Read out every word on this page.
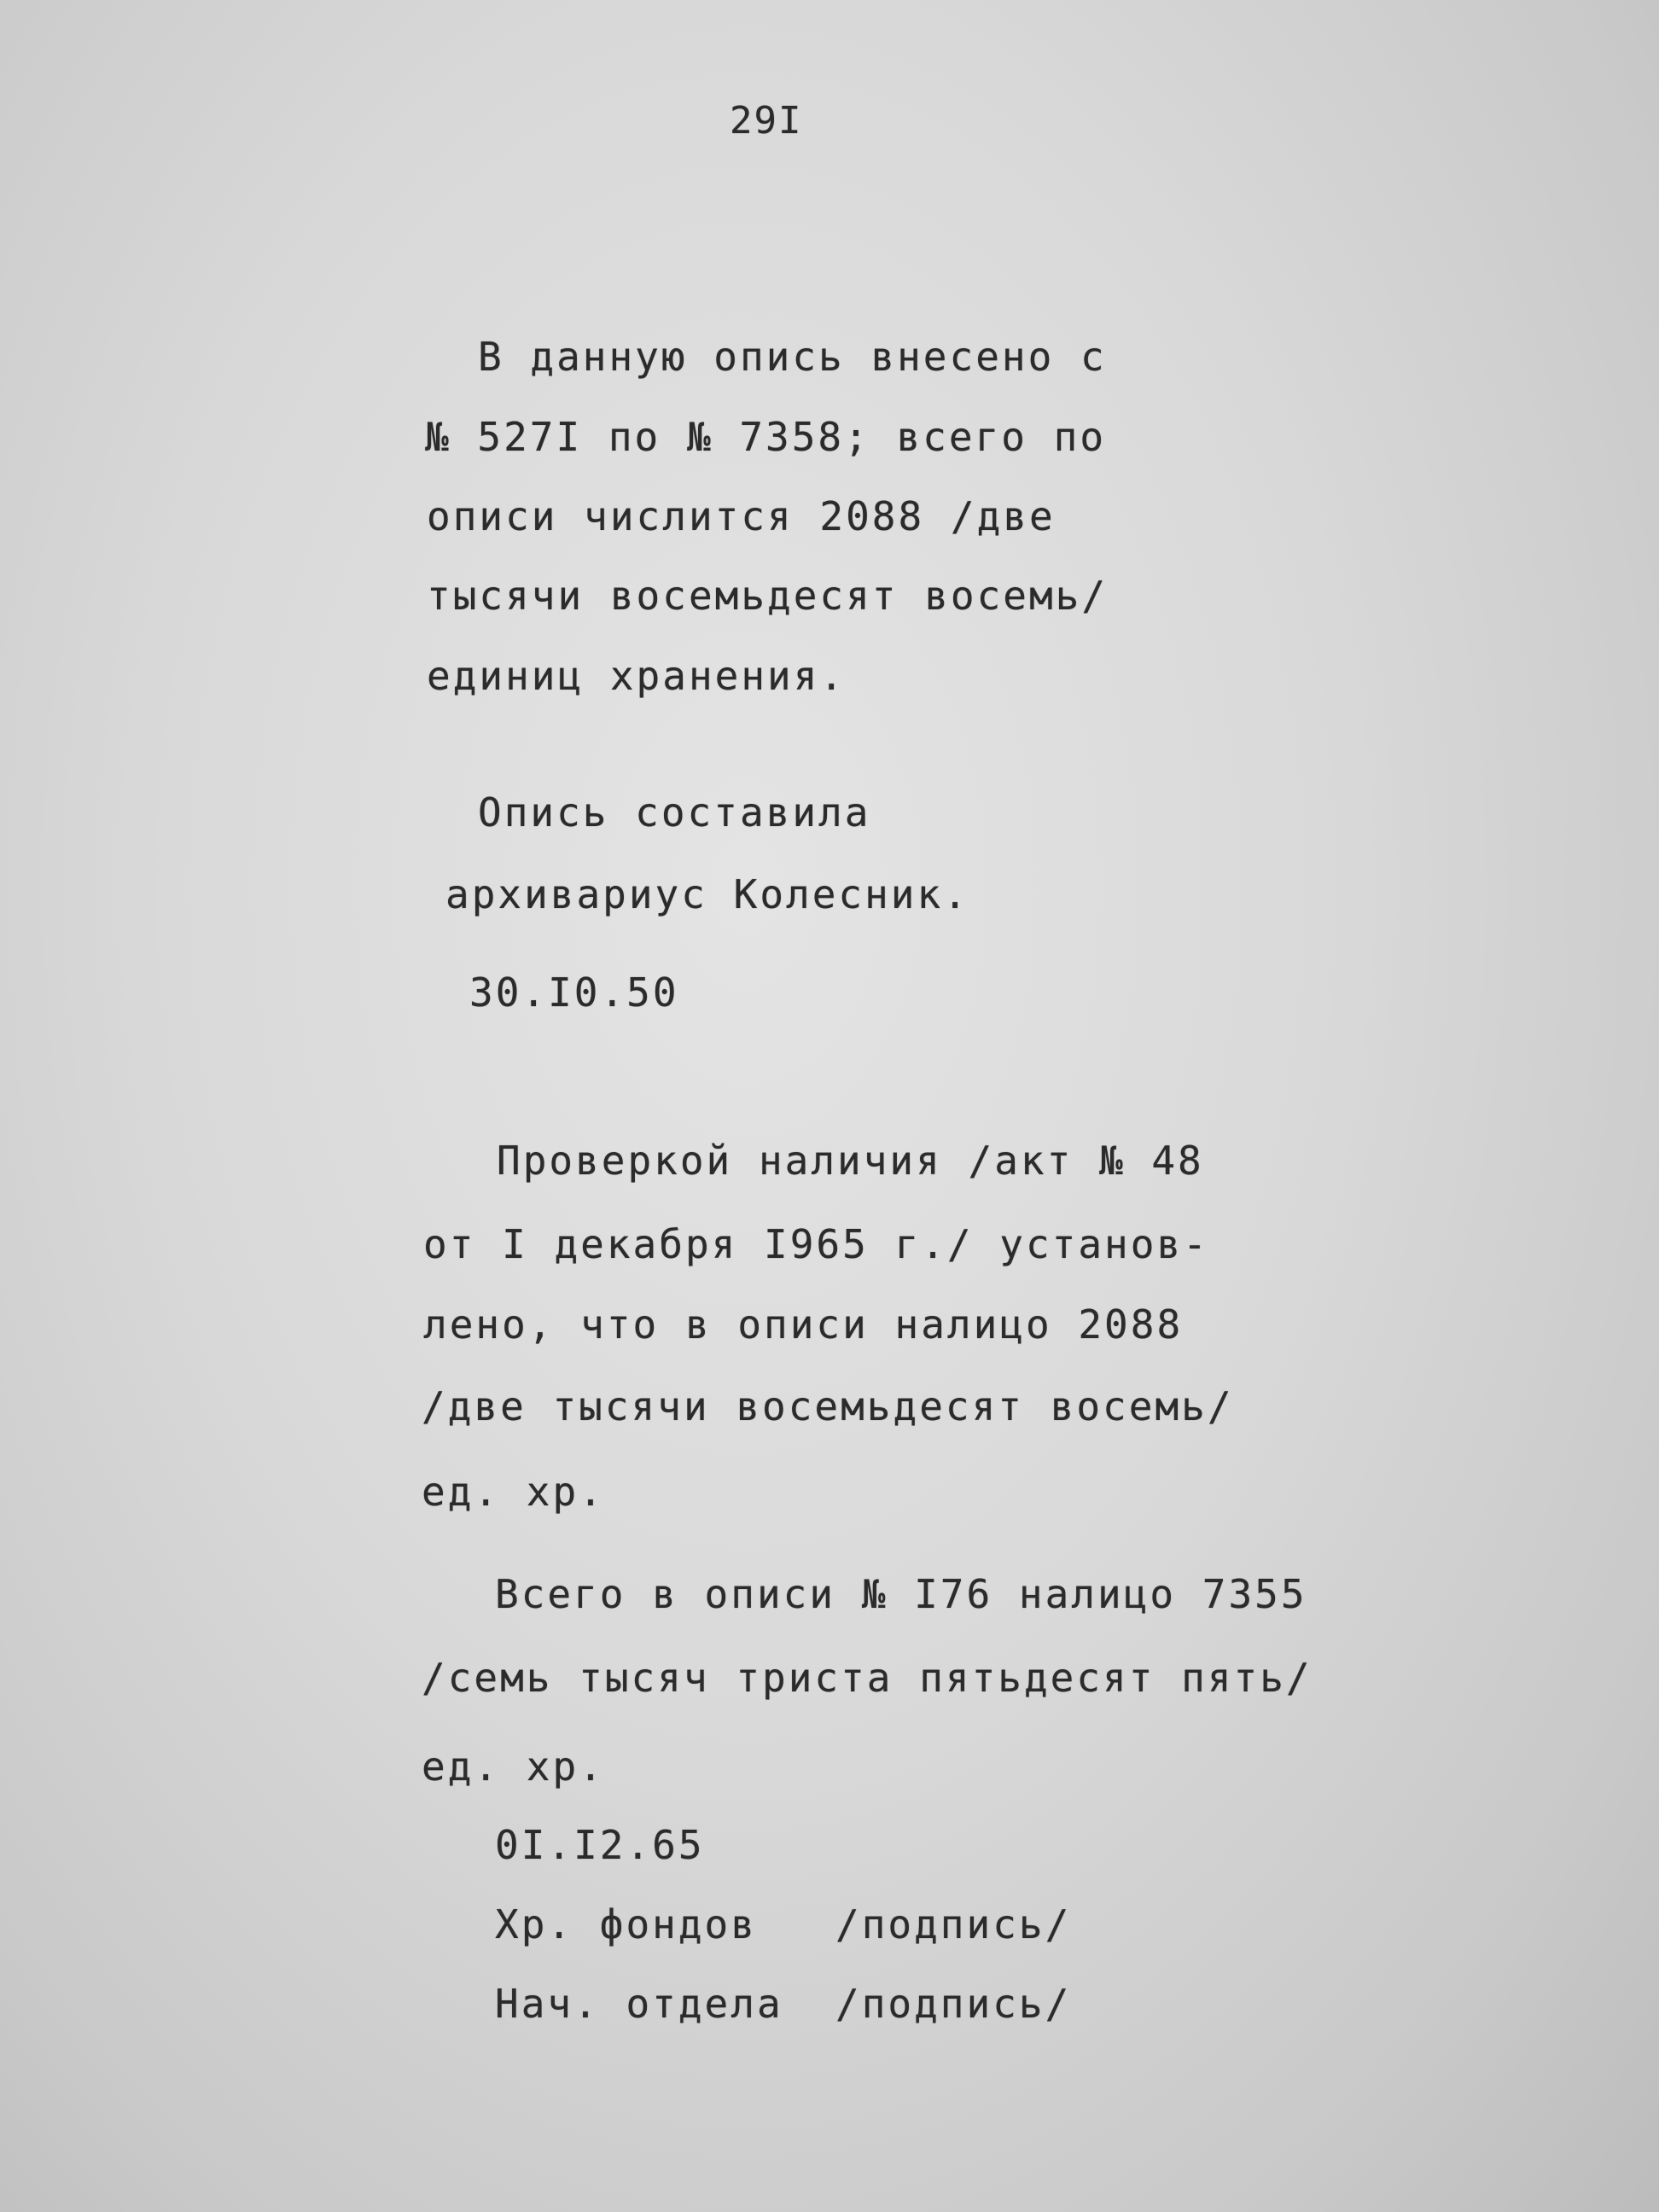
29I
В данную опись внесено с
№ 527I по № 7358; всего по
описи числится 2088 /две
тысячи восемьдесят восемь/
единиц хранения.
Опись составила
архивариус Колесник.
30.I0.50
Проверкой наличия /акт № 48
от I декабря I965 г./ установ-
лено, что в описи налицо 2088
/две тысячи восемьдесят восемь/
ед. хр.
Всего в описи № I76 налицо 7355
/семь тысяч триста пятьдесят пять/
ед. хр.
0I.I2.65
Хр. фондов   /подпись/
Нач. отдела  /подпись/
